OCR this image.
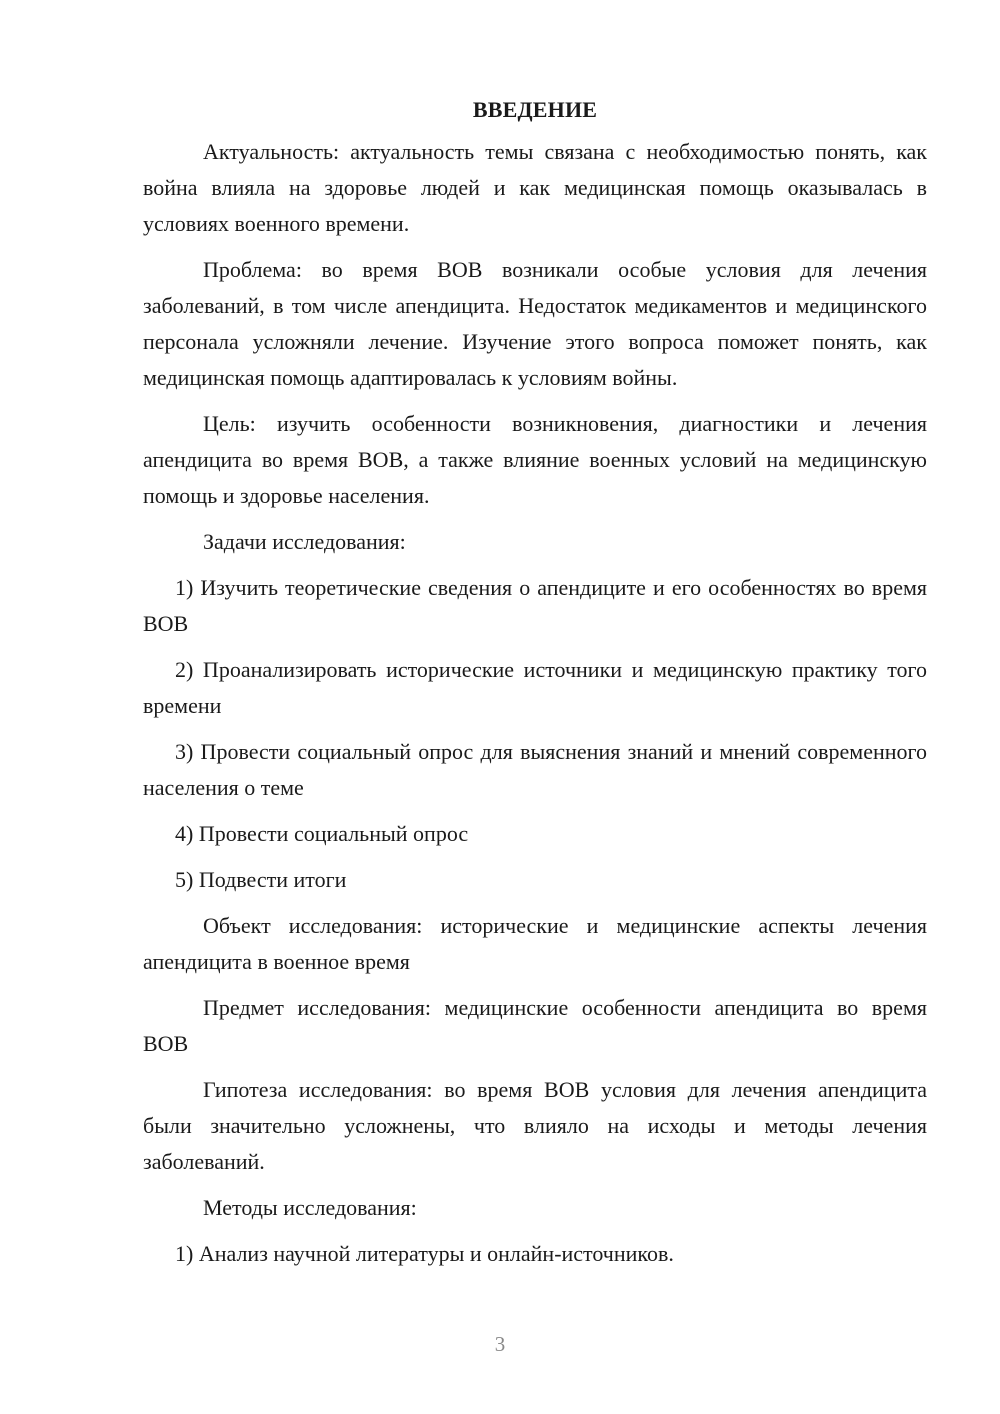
ВВЕДЕНИЕ

Актуальность: актуальность темы связана с необходимостью понять, как война влияла на здоровье людей и как медицинская помощь оказывалась в условиях военного времени.

Проблема: во время ВОВ возникали особые условия для лечения заболеваний, в том числе апендицита. Недостаток медикаментов и медицинского персонала усложняли лечение. Изучение этого вопроса поможет понять, как медицинская помощь адаптировалась к условиям войны.

Цель: изучить особенности возникновения, диагностики и лечения апендицита во время ВОВ, а также влияние военных условий на медицинскую помощь и здоровье населения.

Задачи исследования:

1) Изучить теоретические сведения о апендиците и его особенностях во время ВОВ

2) Проанализировать исторические источники и медицинскую практику того времени

3) Провести социальный опрос для выяснения знаний и мнений современного населения о теме

4) Провести социальный опрос

5) Подвести итоги

Объект исследования: исторические и медицинские аспекты лечения апендицита в военное время

Предмет исследования: медицинские особенности апендицита во время ВОВ

Гипотеза исследования: во время ВОВ условия для лечения апендицита были значительно усложнены, что влияло на исходы и методы лечения заболеваний.

Методы исследования:

1) Анализ научной литературы и онлайн-источников.

3
